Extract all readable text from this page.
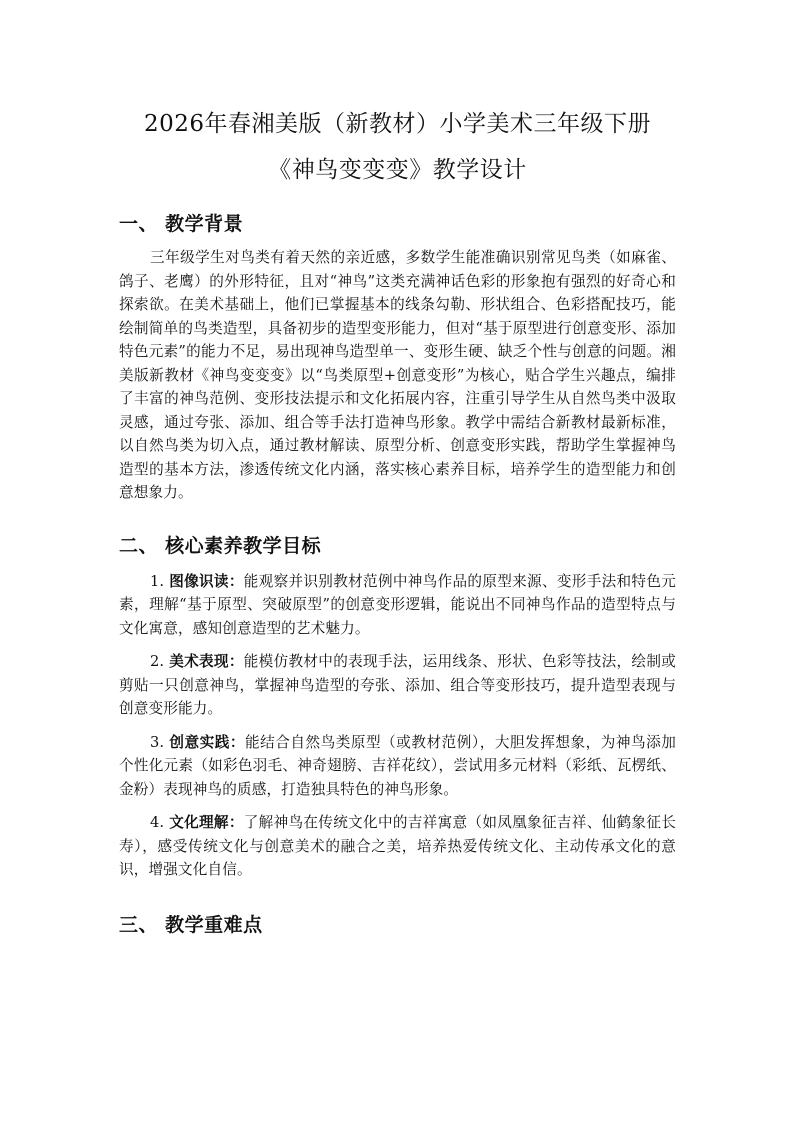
2026年春湘美版（新教材）小学美术三年级下册
《神鸟变变变》教学设计
一、 教学背景

三年级学生对鸟类有着天然的亲近感，多数学生能准确识别常见鸟类（如麻雀、鸽子、老鹰）的外形特征，且对“神鸟”这类充满神话色彩的形象抱有强烈的好奇心和探索欲。在美术基础上，他们已掌握基本的线条勾勒、形状组合、色彩搭配技巧，能绘制简单的鸟类造型，具备初步的造型变形能力，但对“基于原型进行创意变形、添加特色元素”的能力不足，易出现神鸟造型单一、变形生硬、缺乏个性与创意的问题。湘美版新教材《神鸟变变变》以“鸟类原型+创意变形”为核心，贴合学生兴趣点，编排了丰富的神鸟范例、变形技法提示和文化拓展内容，注重引导学生从自然鸟类中汲取灵感，通过夸张、添加、组合等手法打造神鸟形象。教学中需结合新教材最新标准，以自然鸟类为切入点，通过教材解读、原型分析、创意变形实践，帮助学生掌握神鸟造型的基本方法，渗透传统文化内涵，落实核心素养目标，培养学生的造型能力和创意想象力。

二、 核心素养教学目标

1. 图像识读：能观察并识别教材范例中神鸟作品的原型来源、变形手法和特色元素，理解“基于原型、突破原型”的创意变形逻辑，能说出不同神鸟作品的造型特点与文化寓意，感知创意造型的艺术魅力。

2. 美术表现：能模仿教材中的表现手法，运用线条、形状、色彩等技法，绘制或剪贴一只创意神鸟，掌握神鸟造型的夸张、添加、组合等变形技巧，提升造型表现与创意变形能力。

3. 创意实践：能结合自然鸟类原型（或教材范例），大胆发挥想象，为神鸟添加个性化元素（如彩色羽毛、神奇翅膀、吉祥花纹），尝试用多元材料（彩纸、瓦楞纸、金粉）表现神鸟的质感，打造独具特色的神鸟形象。

4. 文化理解：了解神鸟在传统文化中的吉祥寓意（如凤凰象征吉祥、仙鹤象征长寿），感受传统文化与创意美术的融合之美，培养热爱传统文化、主动传承文化的意识，增强文化自信。

三、 教学重难点
